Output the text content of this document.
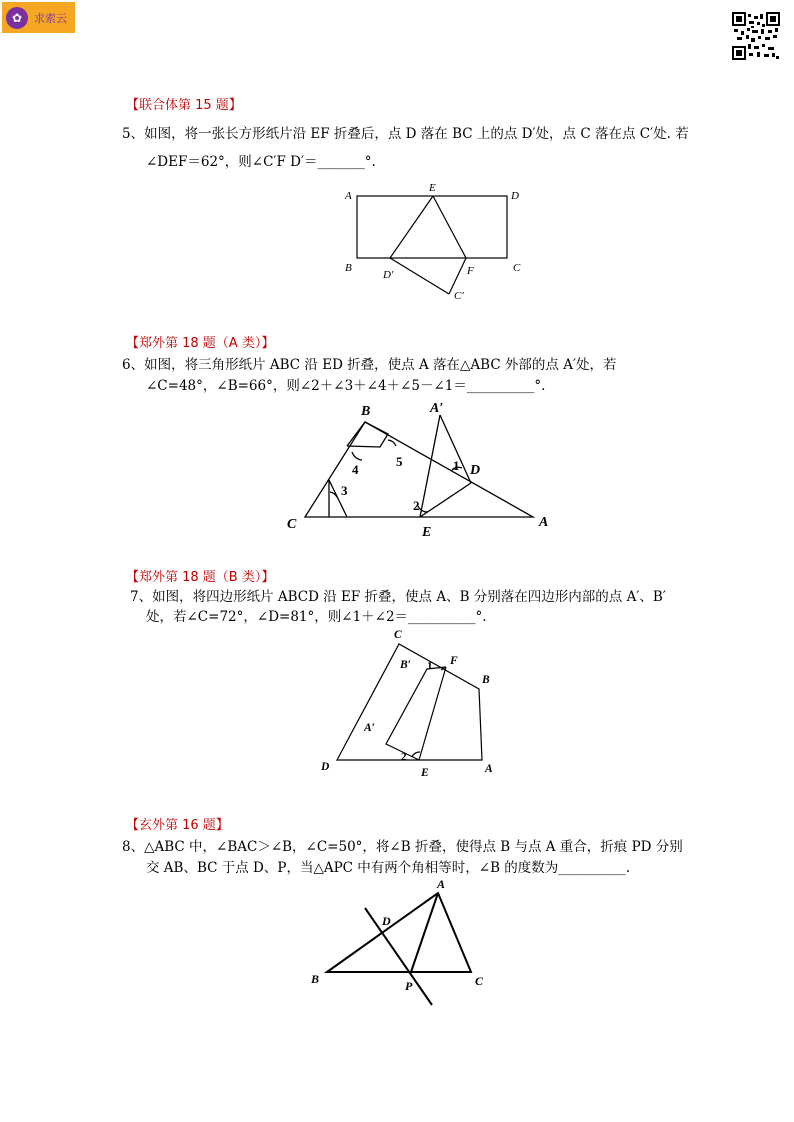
✿	求索云
【联合体第 15 题】
5、如图，将一张长方形纸片沿 EF 折叠后，点 D 落在 BC 上的点 D′处，点 C 落在点 C′处. 若
∠DEF＝62°，则∠C′F D′＝_______°.
A
E
D
B
D′	F	C
C′
【郑外第 18 题（A 类）】
6、如图，将三角形纸片 ABC 沿 ED 折叠，使点 A 落在△ABC 外部的点 A′处，若
∠C=48°，∠B=66°，则∠2＋∠3＋∠4＋∠5－∠1＝__________°.
B	A′
C
E
A
D
1
2
3
4
5
【郑外第 18 题（B 类）】
7、如图，将四边形纸片 ABCD 沿 EF 折叠，使点 A、B 分别落在四边形内部的点 A′、B′
处，若∠C=72°，∠D=81°，则∠1＋∠2＝__________°.
C
B′	F
B
A′
D	E	A
1
2
【玄外第 16 题】
8、△ABC 中，∠BAC＞∠B，∠C=50°，将∠B 折叠，使得点 B 与点 A 重合，折痕 PD 分别
交 AB、BC 于点 D、P，当△APC 中有两个角相等时，∠B 的度数为__________.
A
D
B	P	C
